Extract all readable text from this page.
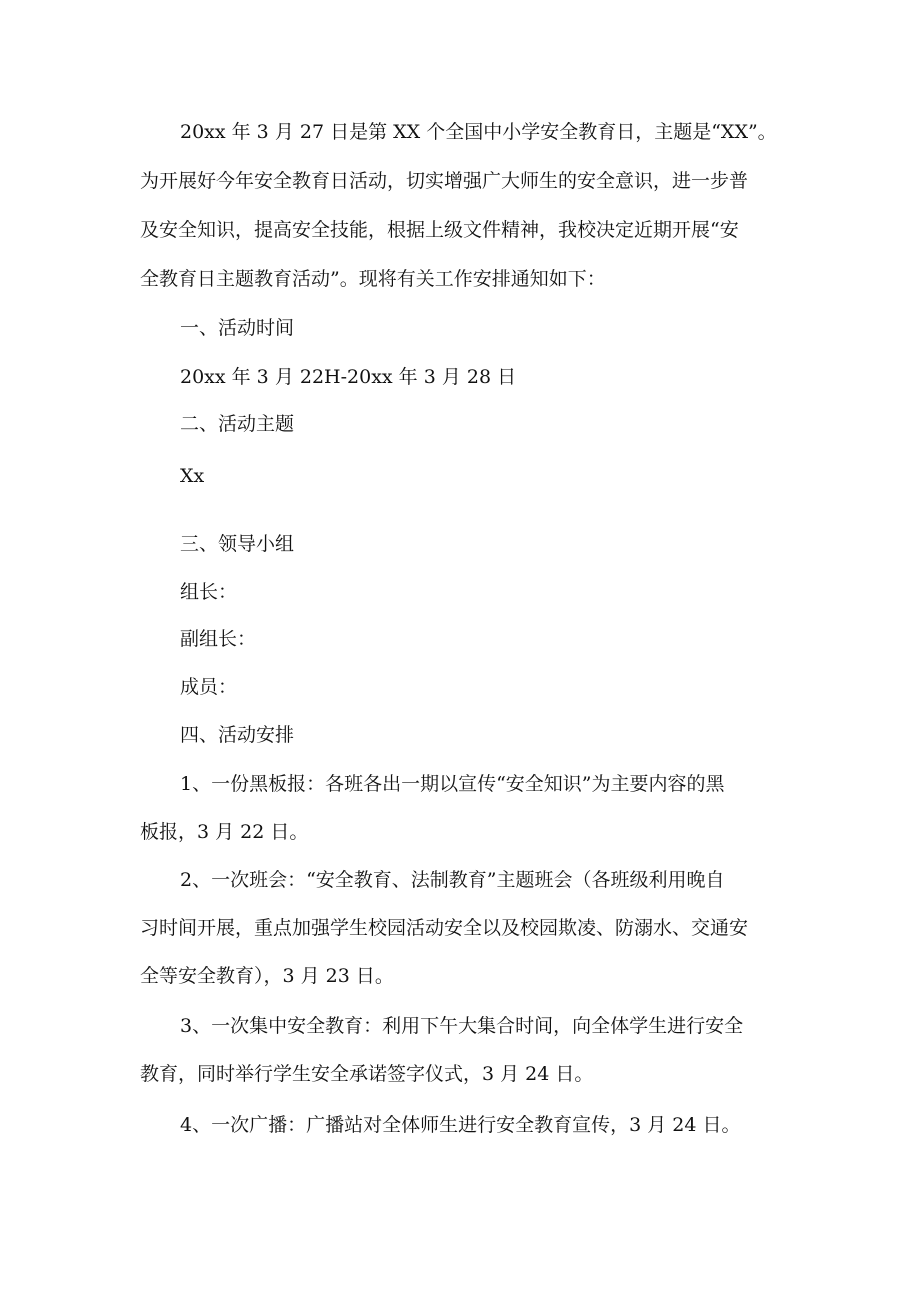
20xx 年 3 月 27 日是第 XX 个全国中小学安全教育日，主题是“XX”。
为开展好今年安全教育日活动，切实增强广大师生的安全意识，进一步普
及安全知识，提高安全技能，根据上级文件精神，我校决定近期开展“安
全教育日主题教育活动”。现将有关工作安排通知如下：
一、活动时间
20xx 年 3 月 22H-20xx 年 3 月 28 日
二、活动主题
Xx
三、领导小组
组长：
副组长：
成员：
四、活动安排
1、一份黑板报：各班各出一期以宣传“安全知识”为主要内容的黑
板报，3 月 22 日。
2、一次班会：“安全教育、法制教育”主题班会（各班级利用晚自
习时间开展，重点加强学生校园活动安全以及校园欺凌、防溺水、交通安
全等安全教育），3 月 23 日。
3、一次集中安全教育：利用下午大集合时间，向全体学生进行安全
教育，同时举行学生安全承诺签字仪式，3 月 24 日。
4、一次广播：广播站对全体师生进行安全教育宣传，3 月 24 日。
